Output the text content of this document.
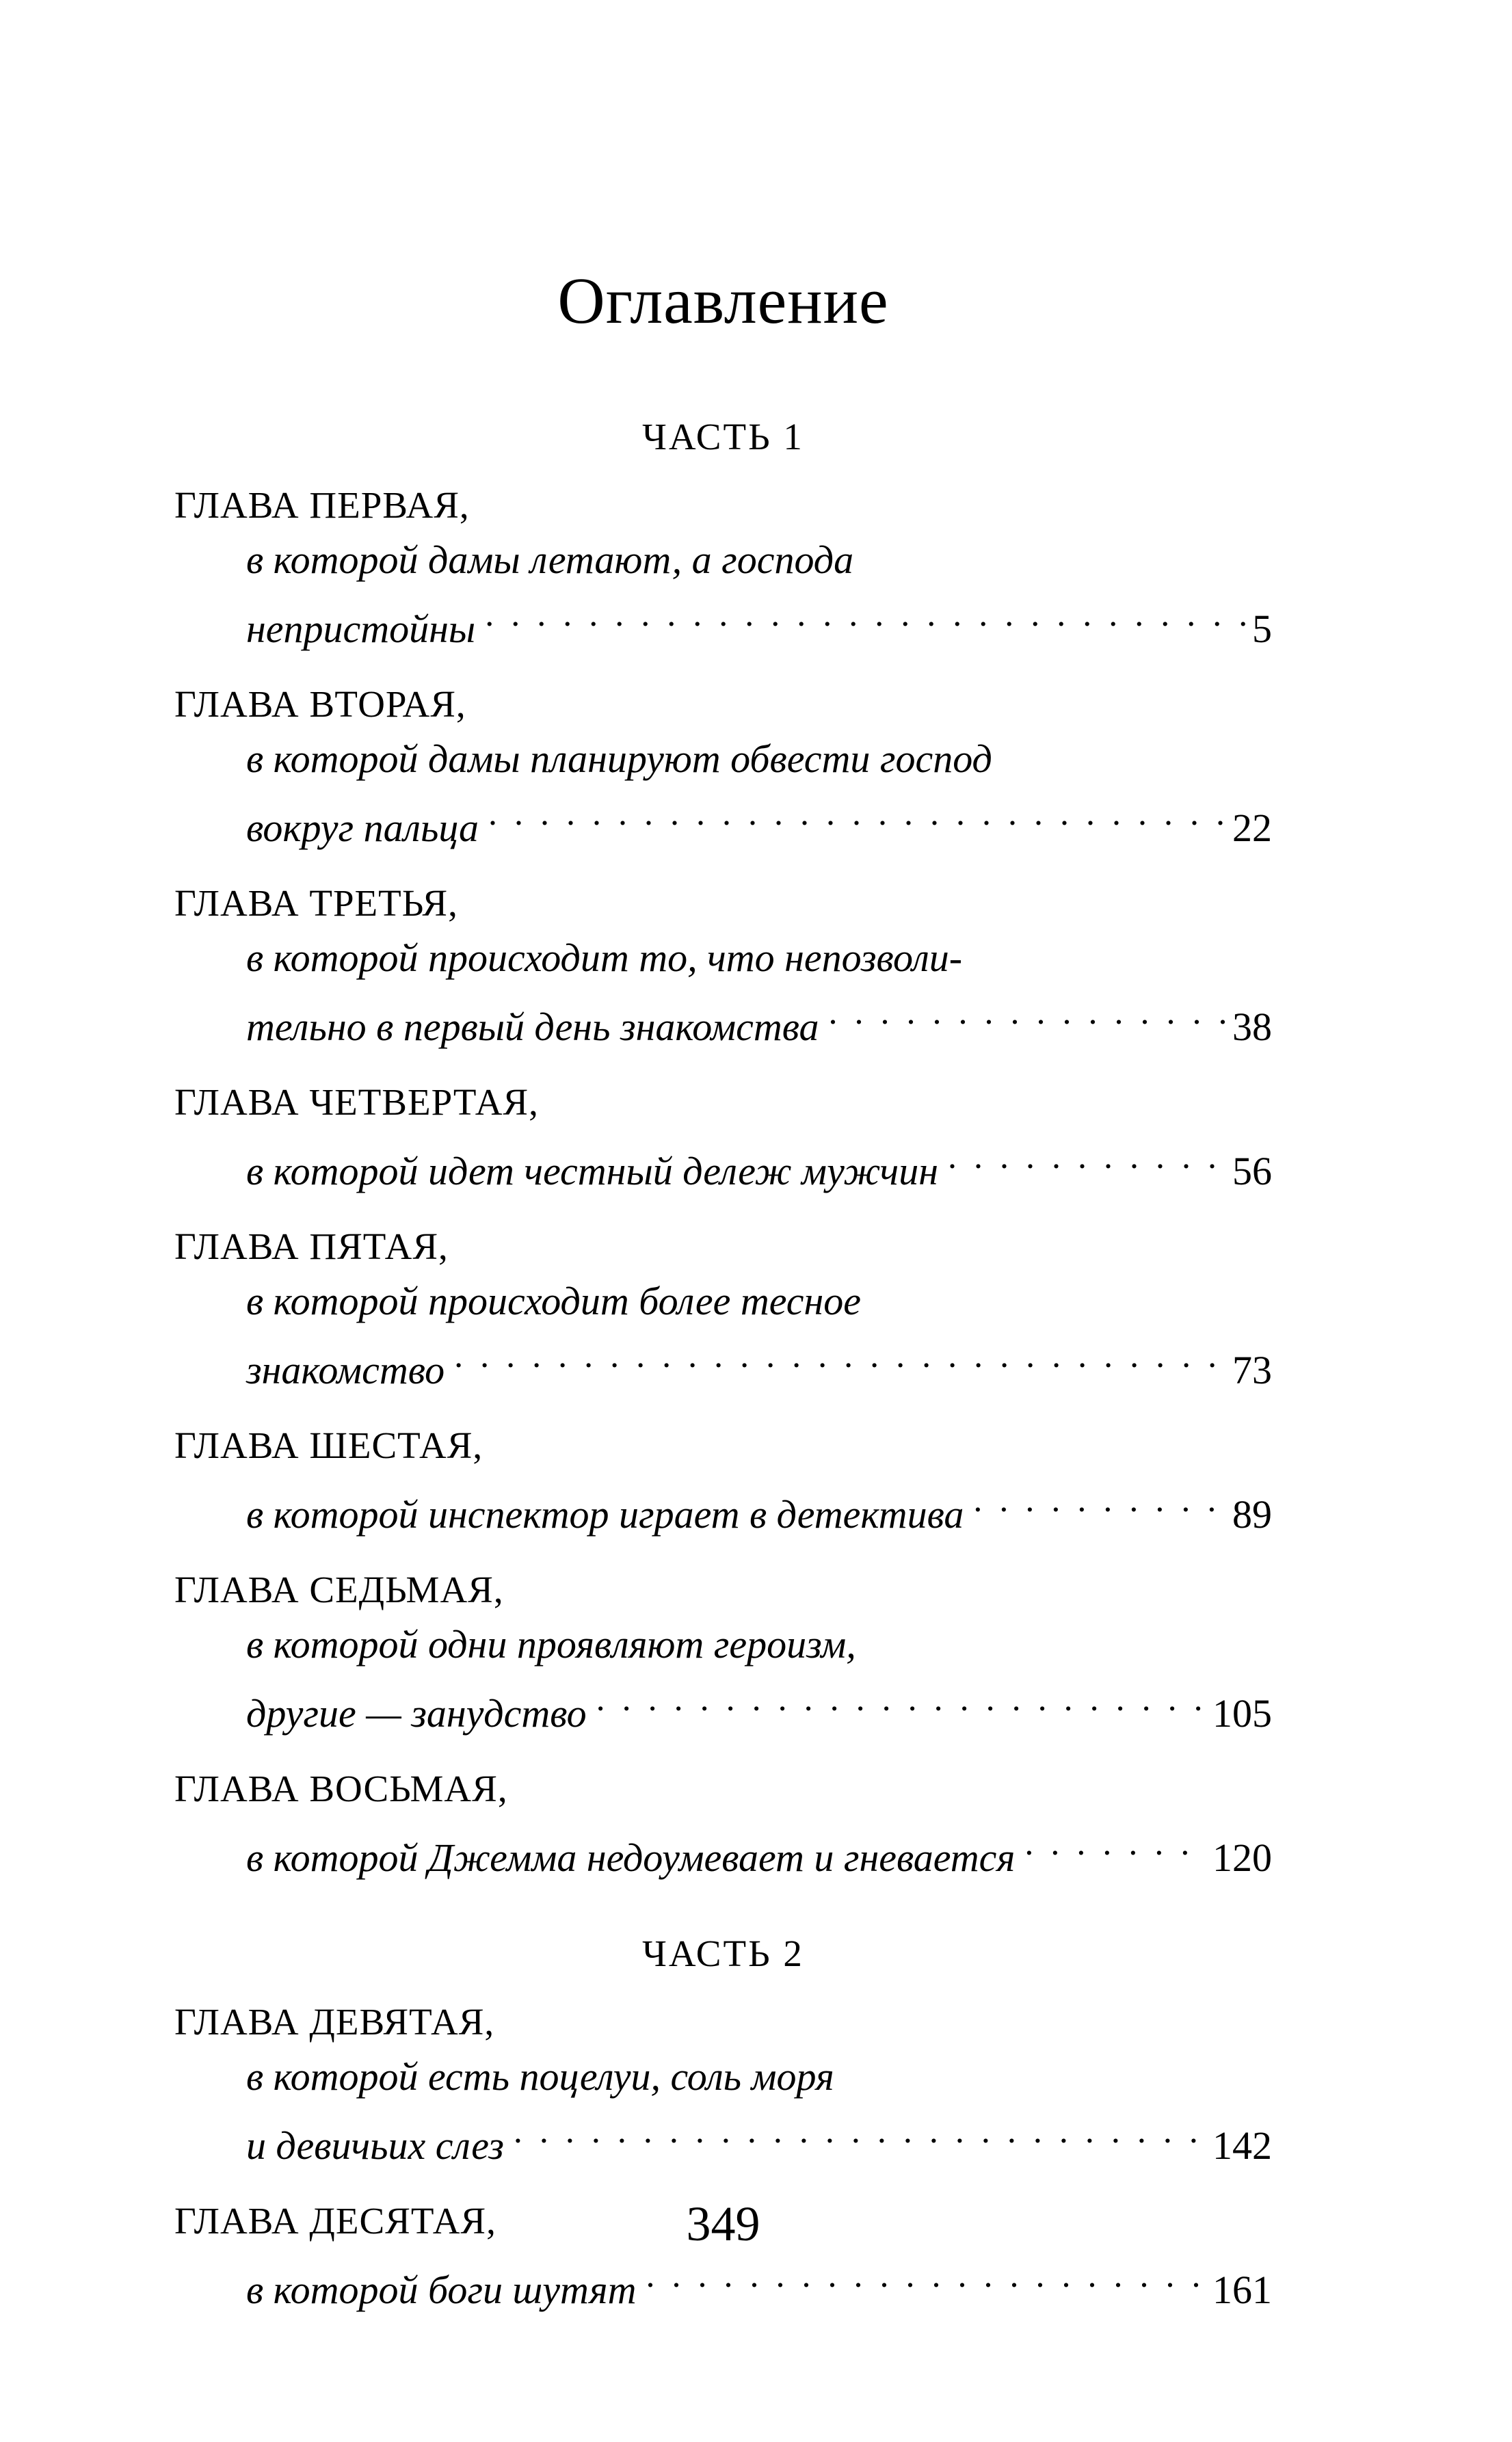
Оглавление
ЧАСТЬ 1
ГЛАВА ПЕРВАЯ,
в которой дамы летают, а господа
непристойны . . .	5
ГЛАВА ВТОРАЯ,
в которой дамы планируют обвести господ
вокруг пальца . . .	22
ГЛАВА ТРЕТЬЯ,
в которой происходит то, что непозволи-
тельно в первый день знакомства . . .	38
ГЛАВА ЧЕТВЕРТАЯ,
в которой идет честный дележ мужчин . . .	56
ГЛАВА ПЯТАЯ,
в которой происходит более тесное
знакомство . . .	73
ГЛАВА ШЕСТАЯ,
в которой инспектор играет в детектива . . .	89
ГЛАВА СЕДЬМАЯ,
в которой одни проявляют героизм,
другие — занудство . . .	105
ГЛАВА ВОСЬМАЯ,
в которой Джемма недоумевает и гневается . . .	120
ЧАСТЬ 2
ГЛАВА ДЕВЯТАЯ,
в которой есть поцелуи, соль моря
и девичьих слез . . .	142
ГЛАВА ДЕСЯТАЯ,
в которой боги шутят . . .	161
349
